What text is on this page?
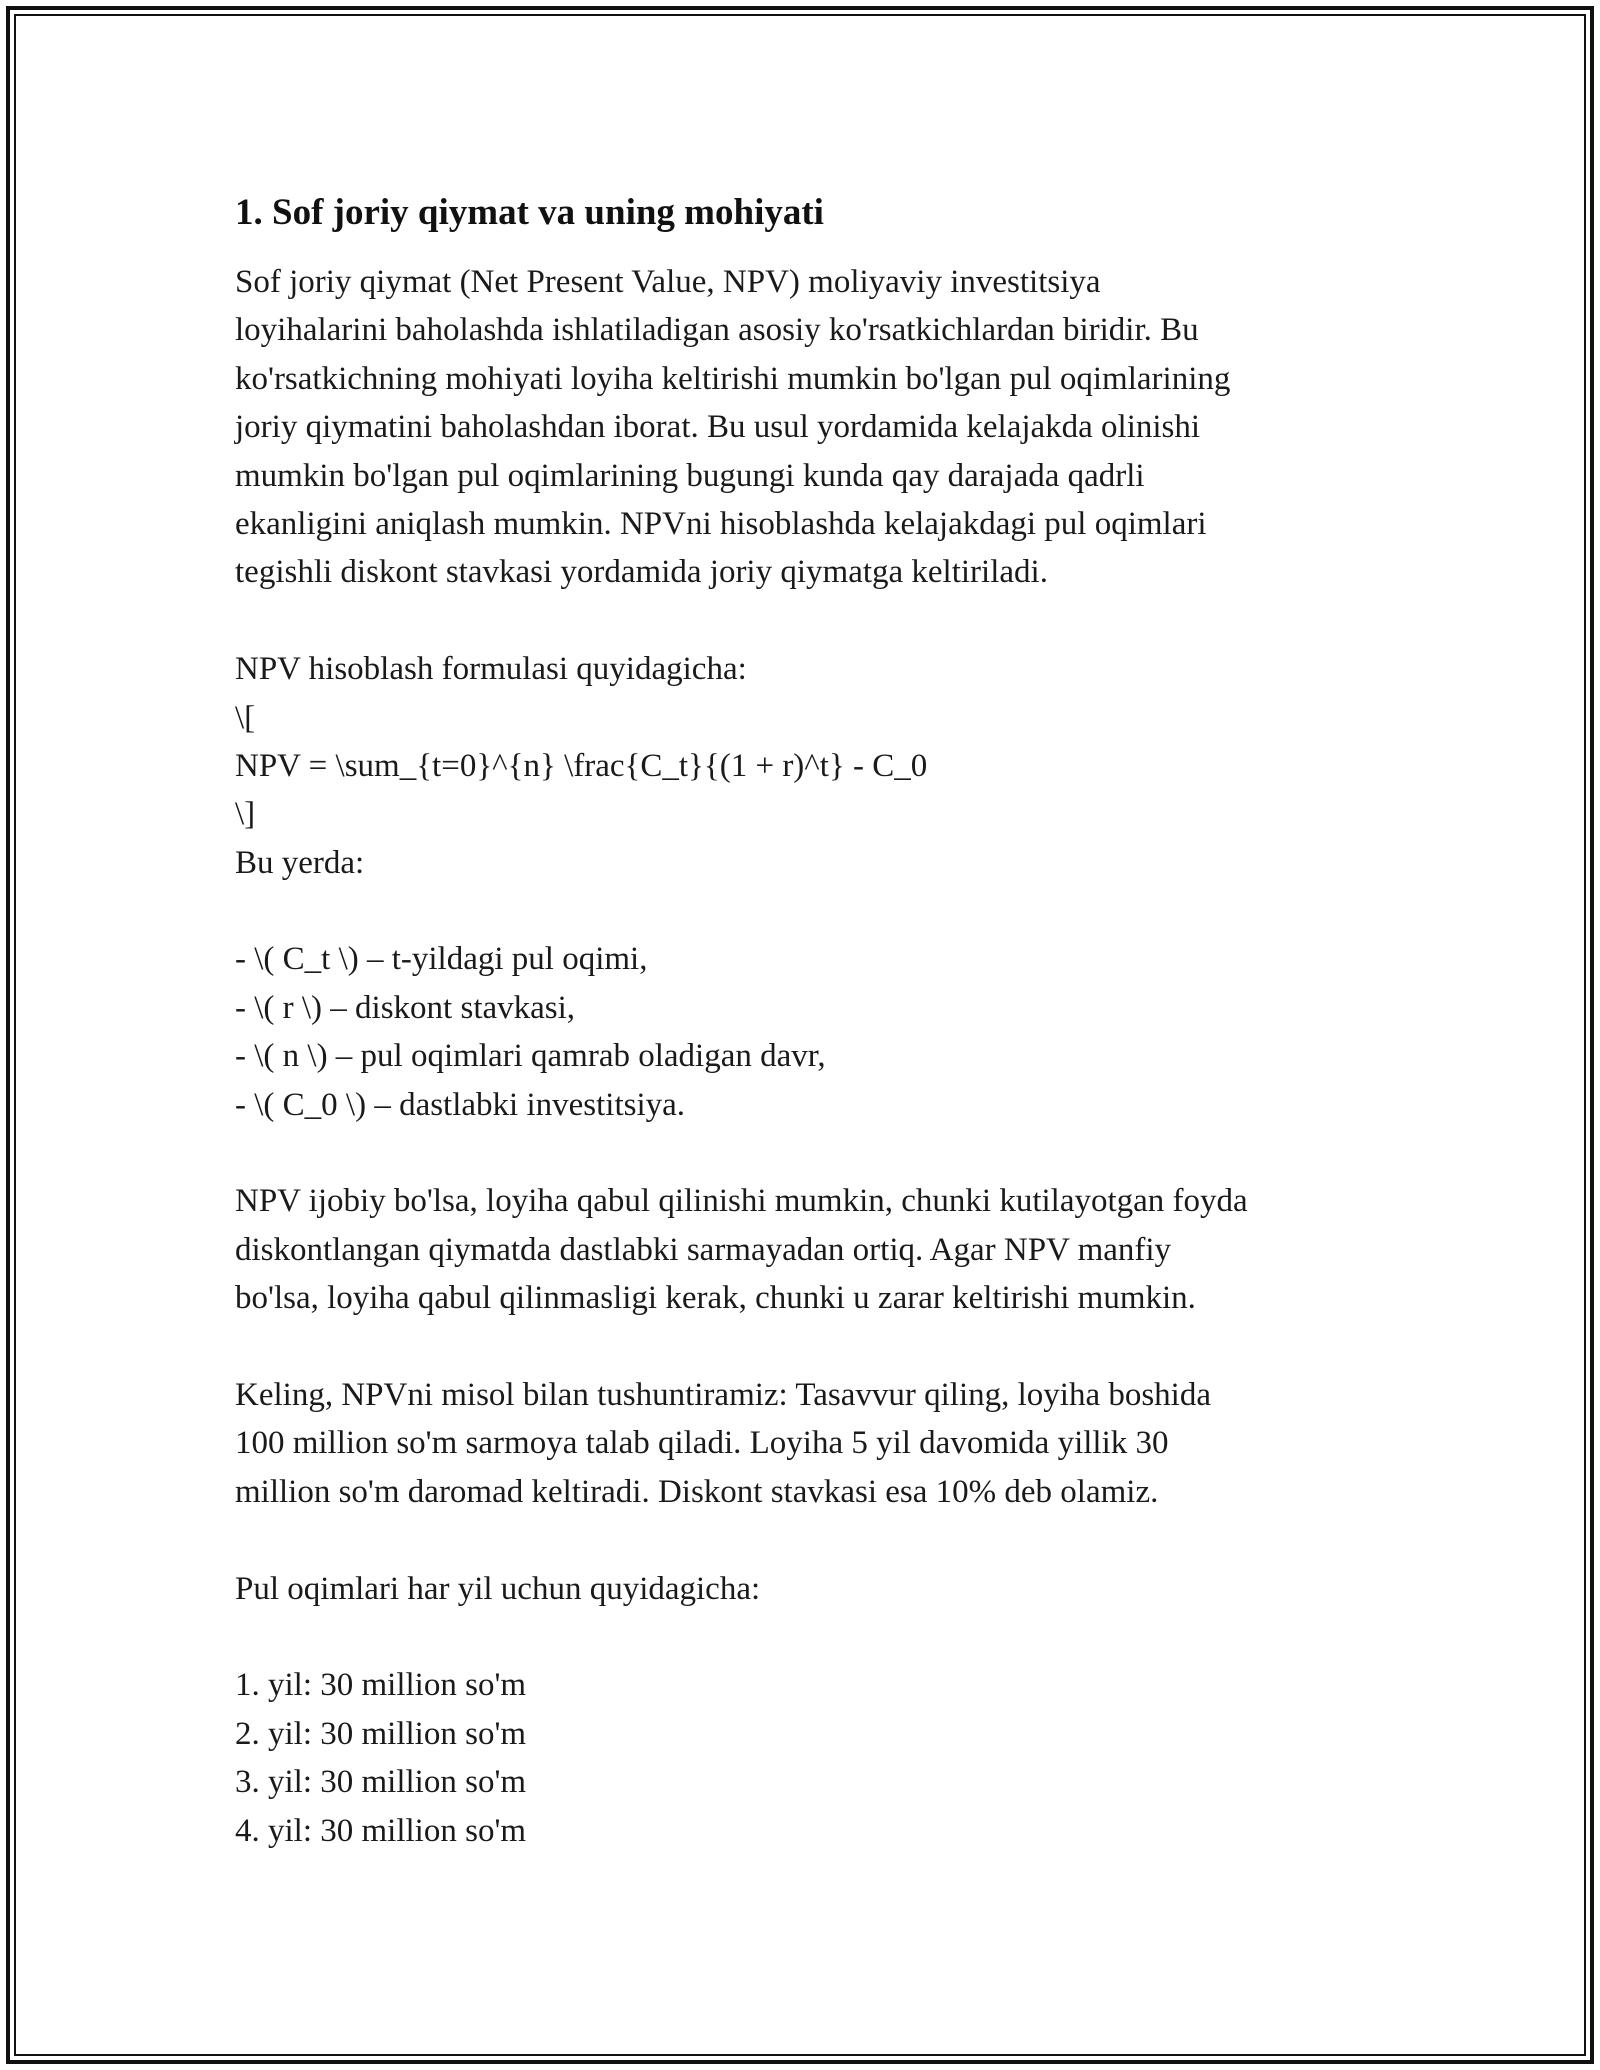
1. Sof joriy qiymat va uning mohiyati
Sof joriy qiymat (Net Present Value, NPV) moliyaviy investitsiya
loyihalarini baholashda ishlatiladigan asosiy ko'rsatkichlardan biridir. Bu
ko'rsatkichning mohiyati loyiha keltirishi mumkin bo'lgan pul oqimlarining
joriy qiymatini baholashdan iborat. Bu usul yordamida kelajakda olinishi
mumkin bo'lgan pul oqimlarining bugungi kunda qay darajada qadrli
ekanligini aniqlash mumkin. NPVni hisoblashda kelajakdagi pul oqimlari
tegishli diskont stavkasi yordamida joriy qiymatga keltiriladi.
NPV hisoblash formulasi quyidagicha:
\[
NPV = \sum_{t=0}^{n} \frac{C_t}{(1 + r)^t} - C_0
\]
Bu yerda:
- \( C_t \) – t-yildagi pul oqimi,
- \( r \) – diskont stavkasi,
- \( n \) – pul oqimlari qamrab oladigan davr,
- \( C_0 \) – dastlabki investitsiya.
NPV ijobiy bo'lsa, loyiha qabul qilinishi mumkin, chunki kutilayotgan foyda
diskontlangan qiymatda dastlabki sarmayadan ortiq. Agar NPV manfiy
bo'lsa, loyiha qabul qilinmasligi kerak, chunki u zarar keltirishi mumkin.
Keling, NPVni misol bilan tushuntiramiz: Tasavvur qiling, loyiha boshida
100 million so'm sarmoya talab qiladi. Loyiha 5 yil davomida yillik 30
million so'm daromad keltiradi. Diskont stavkasi esa 10% deb olamiz.
Pul oqimlari har yil uchun quyidagicha:
1. yil: 30 million so'm
2. yil: 30 million so'm
3. yil: 30 million so'm
4. yil: 30 million so'm
